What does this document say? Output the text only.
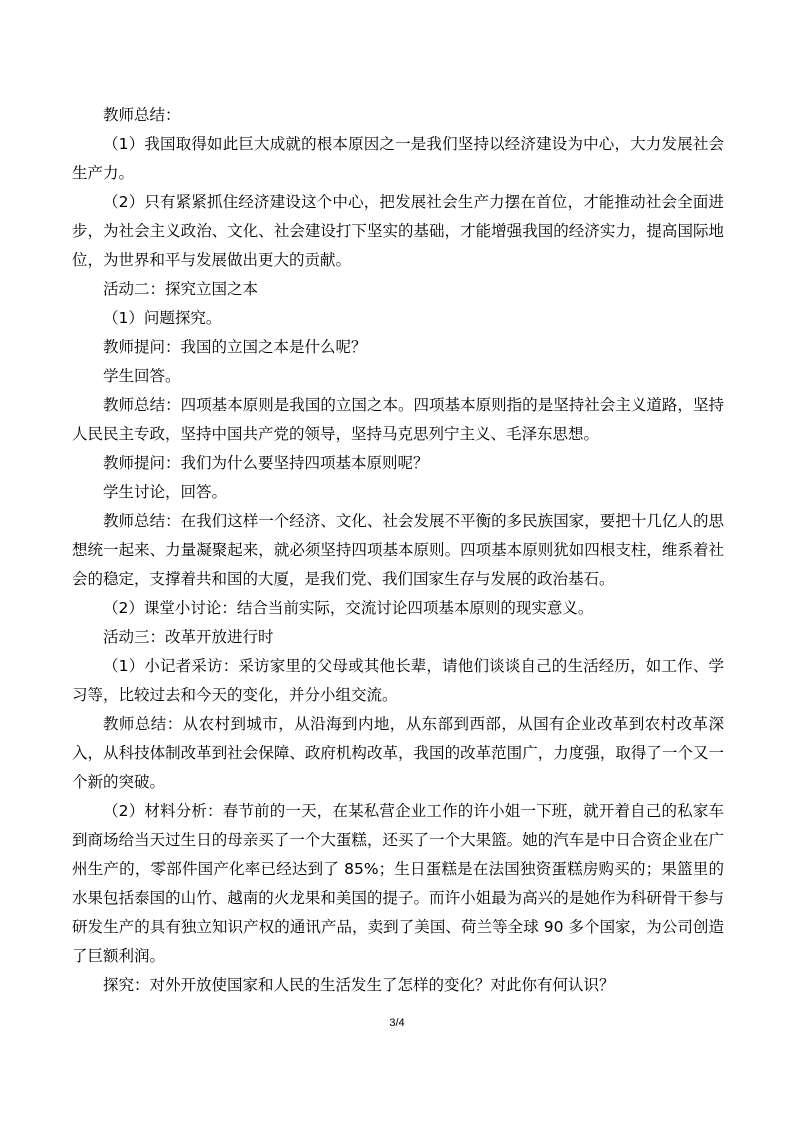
教师总结：

（1）我国取得如此巨大成就的根本原因之一是我们坚持以经济建设为中心，大力发展社会生产力。

（2）只有紧紧抓住经济建设这个中心，把发展社会生产力摆在首位，才能推动社会全面进步，为社会主义政治、文化、社会建设打下坚实的基础，才能增强我国的经济实力，提高国际地位，为世界和平与发展做出更大的贡献。

活动二：探究立国之本

（1）问题探究。

教师提问：我国的立国之本是什么呢？

学生回答。

教师总结：四项基本原则是我国的立国之本。四项基本原则指的是坚持社会主义道路，坚持人民民主专政，坚持中国共产党的领导，坚持马克思列宁主义、毛泽东思想。

教师提问：我们为什么要坚持四项基本原则呢？

学生讨论，回答。

教师总结：在我们这样一个经济、文化、社会发展不平衡的多民族国家，要把十几亿人的思想统一起来、力量凝聚起来，就必须坚持四项基本原则。四项基本原则犹如四根支柱，维系着社会的稳定，支撑着共和国的大厦，是我们党、我们国家生存与发展的政治基石。

（2）课堂小讨论：结合当前实际，交流讨论四项基本原则的现实意义。

活动三：改革开放进行时

（1）小记者采访：采访家里的父母或其他长辈，请他们谈谈自己的生活经历，如工作、学习等，比较过去和今天的变化，并分小组交流。

教师总结：从农村到城市，从沿海到内地，从东部到西部，从国有企业改革到农村改革深入，从科技体制改革到社会保障、政府机构改革，我国的改革范围广，力度强，取得了一个又一个新的突破。

（2）材料分析：春节前的一天，在某私营企业工作的许小姐一下班，就开着自己的私家车到商场给当天过生日的母亲买了一个大蛋糕，还买了一个大果篮。她的汽车是中日合资企业在广州生产的，零部件国产化率已经达到了 85%；生日蛋糕是在法国独资蛋糕房购买的；果篮里的水果包括泰国的山竹、越南的火龙果和美国的提子。而许小姐最为高兴的是她作为科研骨干参与研发生产的具有独立知识产权的通讯产品，卖到了美国、荷兰等全球 90 多个国家，为公司创造了巨额利润。

探究：对外开放使国家和人民的生活发生了怎样的变化？对此你有何认识？

3/4
